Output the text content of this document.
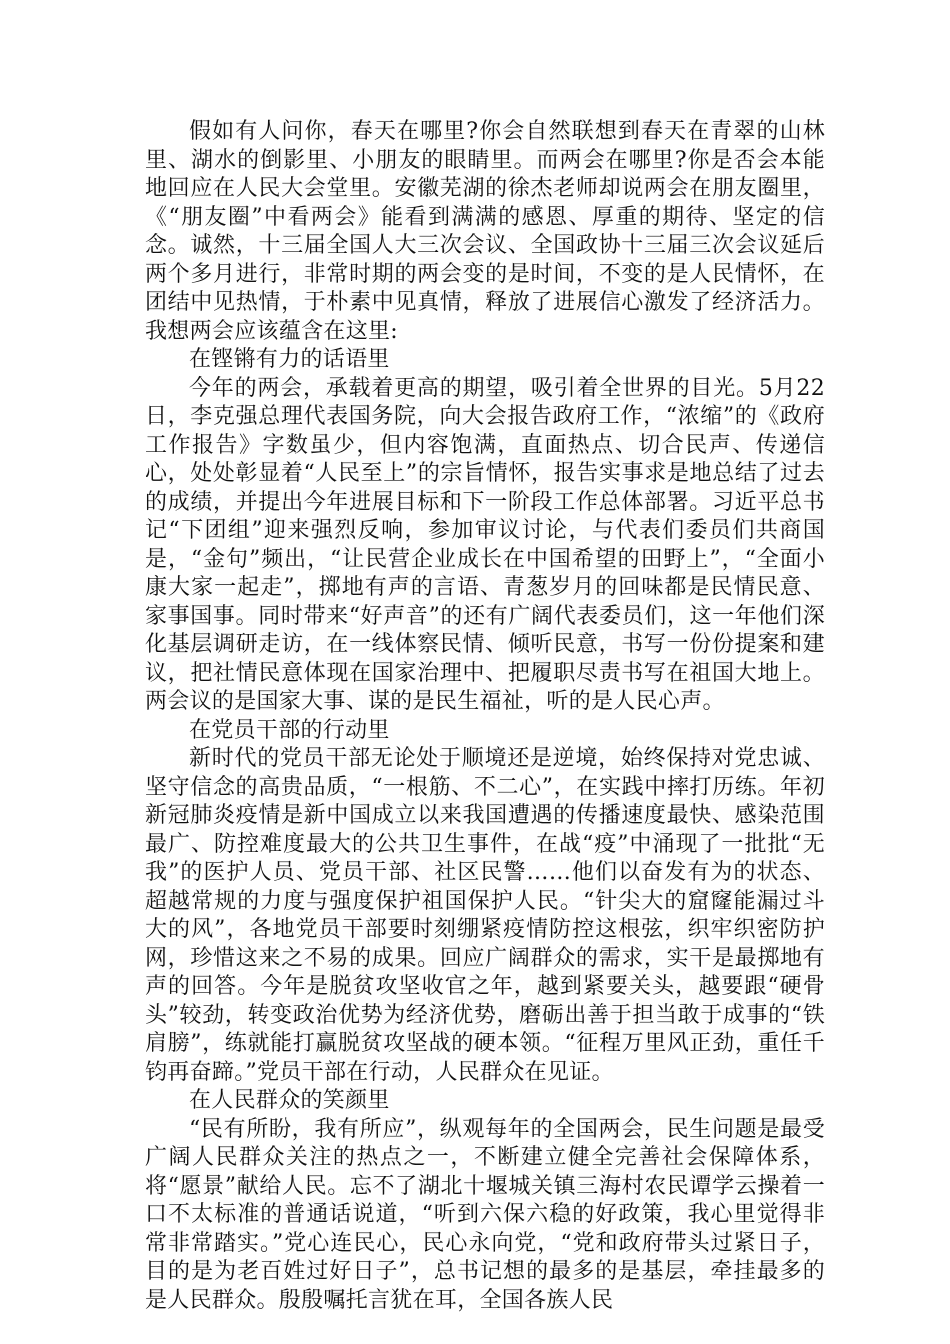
假如有人问你，春天在哪里?你会自然联想到春天在青翠的山林里、湖水的倒影里、小朋友的眼睛里。而两会在哪里?你是否会本能地回应在人民大会堂里。安徽芜湖的徐杰老师却说两会在朋友圈里，《“朋友圈”中看两会》能看到满满的感恩、厚重的期待、坚定的信念。诚然，十三届全国人大三次会议、全国政协十三届三次会议延后两个多月进行，非常时期的两会变的是时间，不变的是人民情怀，在团结中见热情，于朴素中见真情，释放了进展信心激发了经济活力。我想两会应该蕴含在这里:

在铿锵有力的话语里

今年的两会，承载着更高的期望，吸引着全世界的目光。5月22日，李克强总理代表国务院，向大会报告政府工作，“浓缩”的《政府工作报告》字数虽少，但内容饱满，直面热点、切合民声、传递信心，处处彰显着“人民至上”的宗旨情怀，报告实事求是地总结了过去的成绩，并提出今年进展目标和下一阶段工作总体部署。习近平总书记“下团组”迎来强烈反响，参加审议讨论，与代表们委员们共商国是，“金句”频出，“让民营企业成长在中国希望的田野上”，“全面小康大家一起走”，掷地有声的言语、青葱岁月的回味都是民情民意、家事国事。同时带来“好声音”的还有广阔代表委员们，这一年他们深化基层调研走访，在一线体察民情、倾听民意，书写一份份提案和建议，把社情民意体现在国家治理中、把履职尽责书写在祖国大地上。两会议的是国家大事、谋的是民生福祉，听的是人民心声。

在党员干部的行动里

新时代的党员干部无论处于顺境还是逆境，始终保持对党忠诚、坚守信念的高贵品质，“一根筋、不二心”，在实践中摔打历练。年初新冠肺炎疫情是新中国成立以来我国遭遇的传播速度最快、感染范围最广、防控难度最大的公共卫生事件，在战“疫”中涌现了一批批“无我”的医护人员、党员干部、社区民警……他们以奋发有为的状态、超越常规的力度与强度保护祖国保护人民。“针尖大的窟窿能漏过斗大的风”，各地党员干部要时刻绷紧疫情防控这根弦，织牢织密防护网，珍惜这来之不易的成果。回应广阔群众的需求，实干是最掷地有声的回答。今年是脱贫攻坚收官之年，越到紧要关头，越要跟“硬骨头”较劲，转变政治优势为经济优势，磨砺出善于担当敢于成事的“铁肩膀”，练就能打赢脱贫攻坚战的硬本领。“征程万里风正劲，重任千钧再奋蹄。”党员干部在行动，人民群众在见证。

在人民群众的笑颜里

“民有所盼，我有所应”，纵观每年的全国两会，民生问题是最受广阔人民群众关注的热点之一，不断建立健全完善社会保障体系，将“愿景”献给人民。忘不了湖北十堰城关镇三海村农民谭学云操着一口不太标准的普通话说道，“听到六保六稳的好政策，我心里觉得非常非常踏实。”党心连民心，民心永向党，“党和政府带头过紧日子，目的是为老百姓过好日子”，总书记想的最多的是基层，牵挂最多的是人民群众。殷殷嘱托言犹在耳，全国各族人民
